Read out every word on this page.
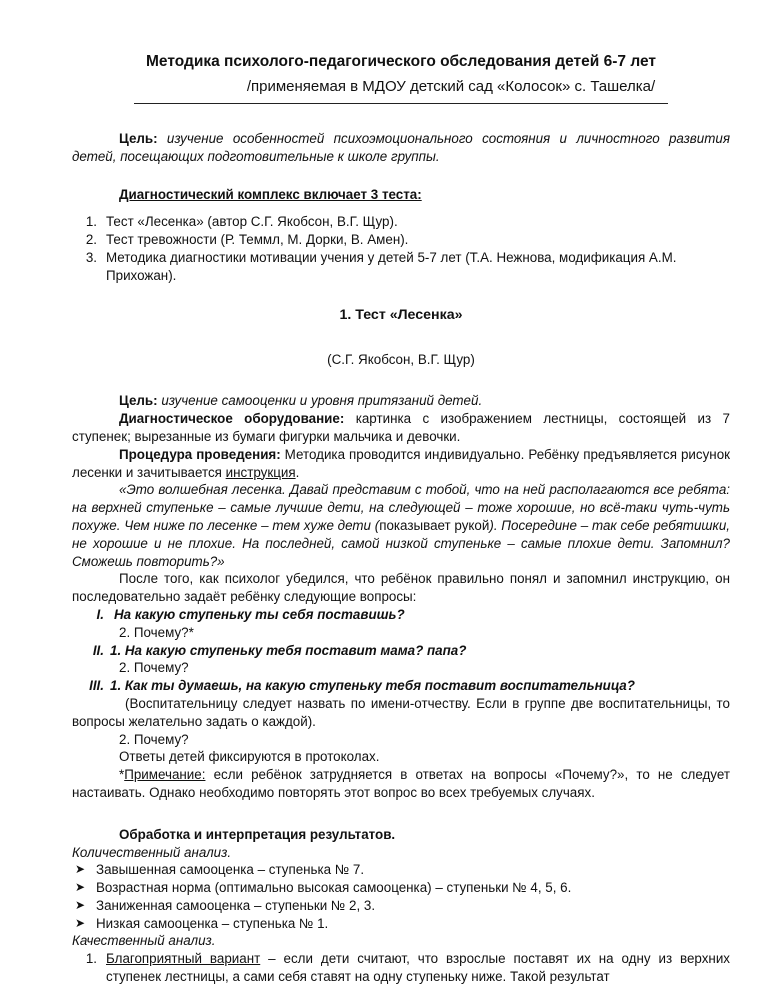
Методика психолого-педагогического обследования детей 6-7 лет

/применяемая в МДОУ детский сад «Колосок» с. Ташелка/

Цель: изучение особенностей психоэмоционального состояния и личностного развития детей, посещающих подготовительные к школе группы.

Диагностический комплекс включает 3 теста:

1. Тест «Лесенка» (автор С.Г. Якобсон, В.Г. Щур).
2. Тест тревожности (Р. Теммл, М. Дорки, В. Амен).
3. Методика диагностики мотивации учения у детей 5-7 лет (Т.А. Нежнова, модификация А.М. Прихожан).

1. Тест «Лесенка»

(С.Г. Якобсон, В.Г. Щур)

Цель: изучение самооценки и уровня притязаний детей.

Диагностическое оборудование: картинка с изображением лестницы, состоящей из 7 ступенек; вырезанные из бумаги фигурки мальчика и девочки.

Процедура проведения: Методика проводится индивидуально. Ребёнку предъявляется рисунок лесенки и зачитывается инструкция.

«Это волшебная лесенка. Давай представим с тобой, что на ней располагаются все ребята: на верхней ступеньке – самые лучшие дети, на следующей – тоже хорошие, но всё-таки чуть-чуть похуже. Чем ниже по лесенке – тем хуже дети (показывает рукой). Посередине – так себе ребятишки, не хорошие и не плохие. На последней, самой низкой ступеньке – самые плохие дети. Запомнил? Сможешь повторить?»

После того, как психолог убедился, что ребёнок правильно понял и запомнил инструкцию, он последовательно задаёт ребёнку следующие вопросы:

I. На какую ступеньку ты себя поставишь?

2. Почему?*

II. 1. На какую ступеньку тебя поставит мама? папа?

2. Почему?

III. 1. Как ты думаешь, на какую ступеньку тебя поставит воспитательница?

(Воспитательницу следует назвать по имени-отчеству. Если в группе две воспитательницы, то вопросы желательно задать о каждой).

2. Почему?

Ответы детей фиксируются в протоколах.

*Примечание: если ребёнок затрудняется в ответах на вопросы «Почему?», то не следует настаивать. Однако необходимо повторять этот вопрос во всех требуемых случаях.

Обработка и интерпретация результатов.

Количественный анализ.

➤ Завышенная самооценка – ступенька № 7.
➤ Возрастная норма (оптимально высокая самооценка) – ступеньки № 4, 5, 6.
➤ Заниженная самооценка – ступеньки № 2, 3.
➤ Низкая самооценка – ступенька № 1.

Качественный анализ.

1. Благоприятный вариант – если дети считают, что взрослые поставят их на одну из верхних ступенек лестницы, а сами себя ставят на одну ступеньку ниже. Такой результат
